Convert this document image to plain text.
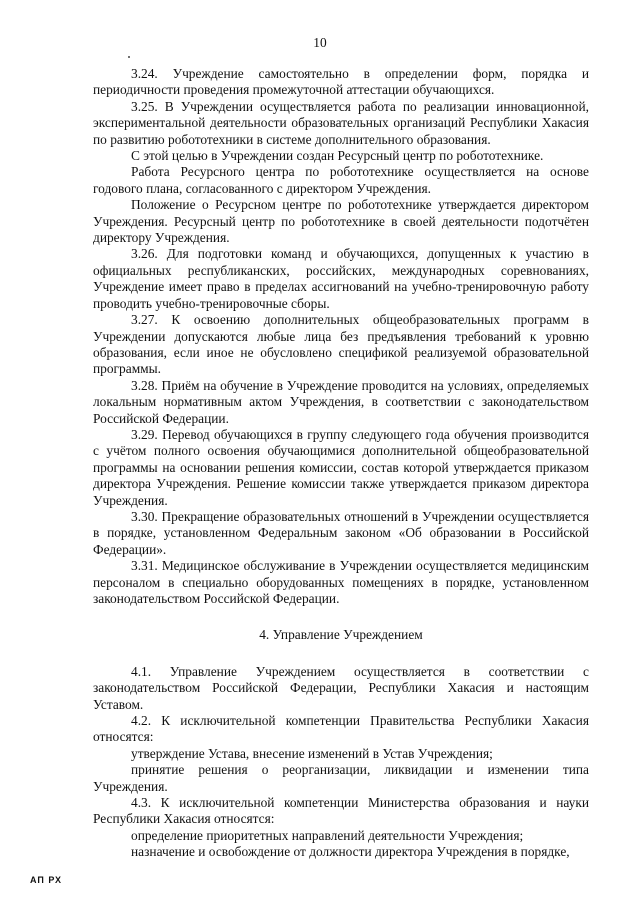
10

3.24. Учреждение самостоятельно в определении форм, порядка и периодичности проведения промежуточной аттестации обучающихся.

3.25. В Учреждении осуществляется работа по реализации инновационной, экспериментальной деятельности образовательных организаций Республики Хакасия по развитию робототехники в системе дополнительного образования.

С этой целью в Учреждении создан Ресурсный центр по робототехнике.

Работа Ресурсного центра по робототехнике осуществляется на основе годового плана, согласованного с директором Учреждения.

Положение о Ресурсном центре по робототехнике утверждается директором Учреждения. Ресурсный центр по робототехнике в своей деятельности подотчётен директору Учреждения.

3.26. Для подготовки команд и обучающихся, допущенных к участию в официальных республиканских, российских, международных соревнованиях, Учреждение имеет право в пределах ассигнований на учебно-тренировочную работу проводить учебно-тренировочные сборы.

3.27. К освоению дополнительных общеобразовательных программ в Учреждении допускаются любые лица без предъявления требований к уровню образования, если иное не обусловлено спецификой реализуемой образовательной программы.

3.28. Приём на обучение в Учреждение проводится на условиях, определяемых локальным нормативным актом Учреждения, в соответствии с законодательством Российской Федерации.

3.29. Перевод обучающихся в группу следующего года обучения производится с учётом полного освоения обучающимися дополнительной общеобразовательной программы на основании решения комиссии, состав которой утверждается приказом директора Учреждения. Решение комиссии также утверждается приказом директора Учреждения.

3.30. Прекращение образовательных отношений в Учреждении осуществляется в порядке, установленном Федеральным законом «Об образовании в Российской Федерации».

3.31. Медицинское обслуживание в Учреждении осуществляется медицинским персоналом в специально оборудованных помещениях в порядке, установленном законодательством Российской Федерации.

4. Управление Учреждением

4.1. Управление Учреждением осуществляется в соответствии с законодательством Российской Федерации, Республики Хакасия и настоящим Уставом.

4.2. К исключительной компетенции Правительства Республики Хакасия относятся:

утверждение Устава, внесение изменений в Устав Учреждения;

принятие решения о реорганизации, ликвидации и изменении типа Учреждения.

4.3. К исключительной компетенции Министерства образования и науки Республики Хакасия относятся:

определение приоритетных направлений деятельности Учреждения;

назначение и освобождение от должности директора Учреждения в порядке,

АП РХ
